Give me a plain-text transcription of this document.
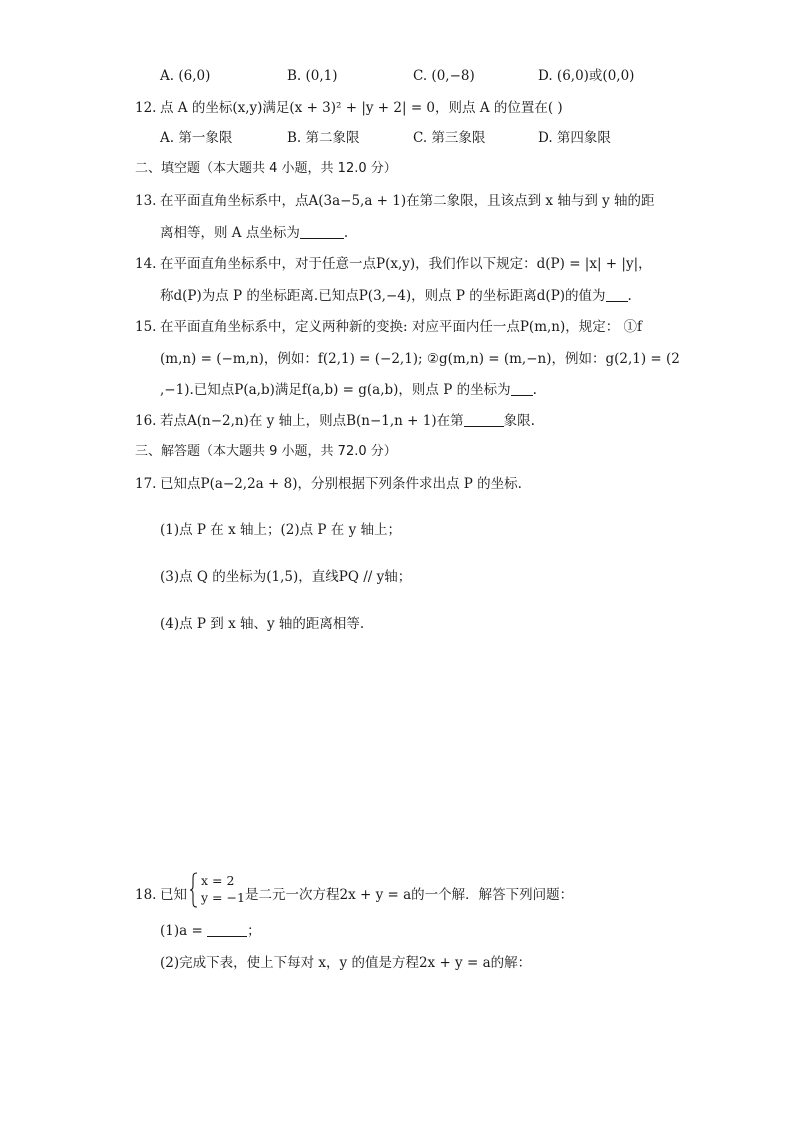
A. (6,0)	B. (0,1)	C. (0,−8)	D. (6,0)或(0,0)
12. 点 A 的坐标(x,y)满足(x + 3)² + |y + 2| = 0，则点 A 的位置在( )
A. 第一象限	B. 第二象限	C. 第三象限	D. 第四象限
二、填空题（本大题共 4 小题，共 12.0 分）
13. 在平面直角坐标系中，点A(3a−5,a + 1)在第二象限，且该点到 x 轴与到 y 轴的距
离相等，则 A 点坐标为	.
14. 在平面直角坐标系中，对于任意一点P(x,y)，我们作以下规定：d(P) = |x| + |y|，
称d(P)为点 P 的坐标距离.已知点P(3,−4)，则点 P 的坐标距离d(P)的值为 .
15. 在平面直角坐标系中，定义两种新的变换: 对应平面内任一点P(m,n)，规定： ①f
(m,n) = (−m,n)，例如：f(2,1) = (−2,1); ②g(m,n) = (m,−n)，例如：g(2,1) = (2
,−1).已知点P(a,b)满足f(a,b) = g(a,b)，则点 P 的坐标为 .
16. 若点A(n−2,n)在 y 轴上，则点B(n−1,n + 1)在第	象限.
三、解答题（本大题共 9 小题，共 72.0 分）
17. 已知点P(a−2,2a + 8)，分别根据下列条件求出点 P 的坐标.
(1)点 P 在 x 轴上；(2)点 P 在 y 轴上；
(3)点 Q 的坐标为(1,5)，直线PQ // y轴；
(4)点 P 到 x 轴、y 轴的距离相等.
18. 已知
x = 2
y = −1 是二元一次方程2x + y = a的一个解．解答下列问题：
(1)a =	；
(2)完成下表，使上下每对 x，y 的值是方程2x + y = a的解：
